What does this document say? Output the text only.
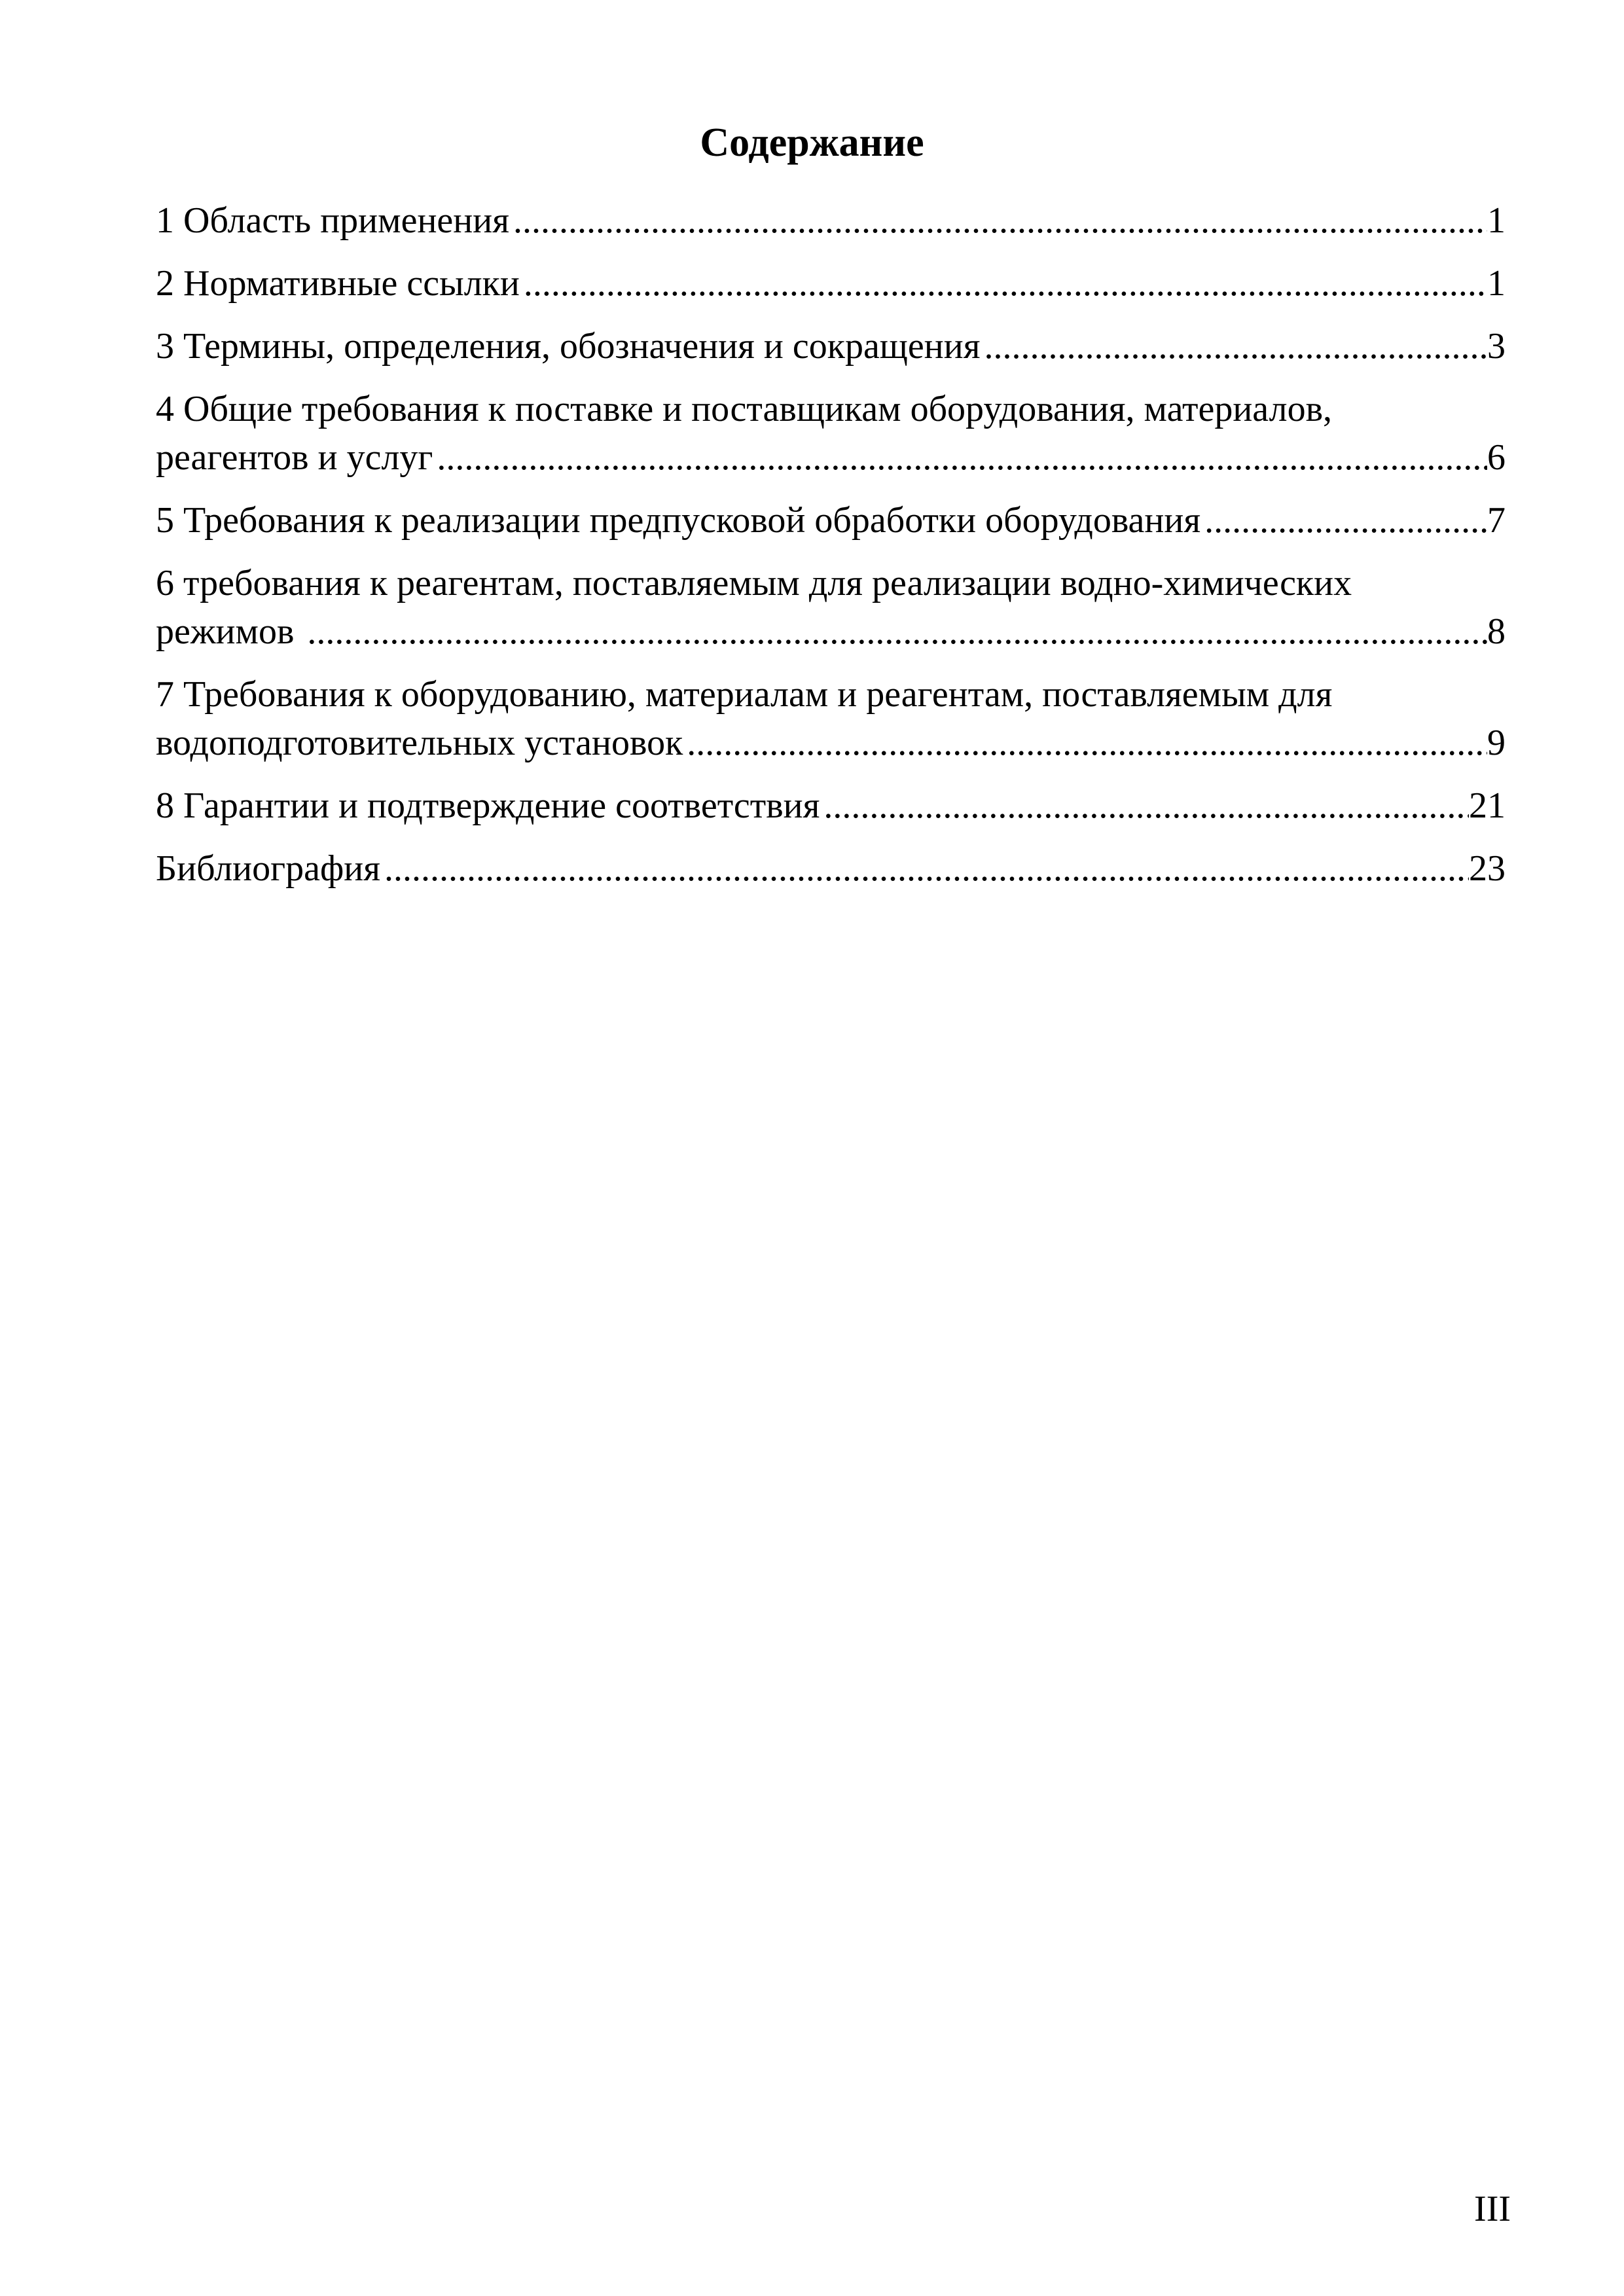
Содержание
1 Область применения .....	1
2 Нормативные ссылки .....	1
3 Термины, определения, обозначения и сокращения .....	3
4 Общие требования к поставке и поставщикам оборудования, материалов,
реагентов и услуг .....	6
5 Требования к реализации предпусковой обработки оборудования .....	7
6 требования к реагентам, поставляемым для реализации водно-химических
режимов .....	8
7 Требования к оборудованию, материалам и реагентам, поставляемым для
водоподготовительных установок .....	9
8 Гарантии и подтверждение соответствия .....	21
Библиография .....	23
III
